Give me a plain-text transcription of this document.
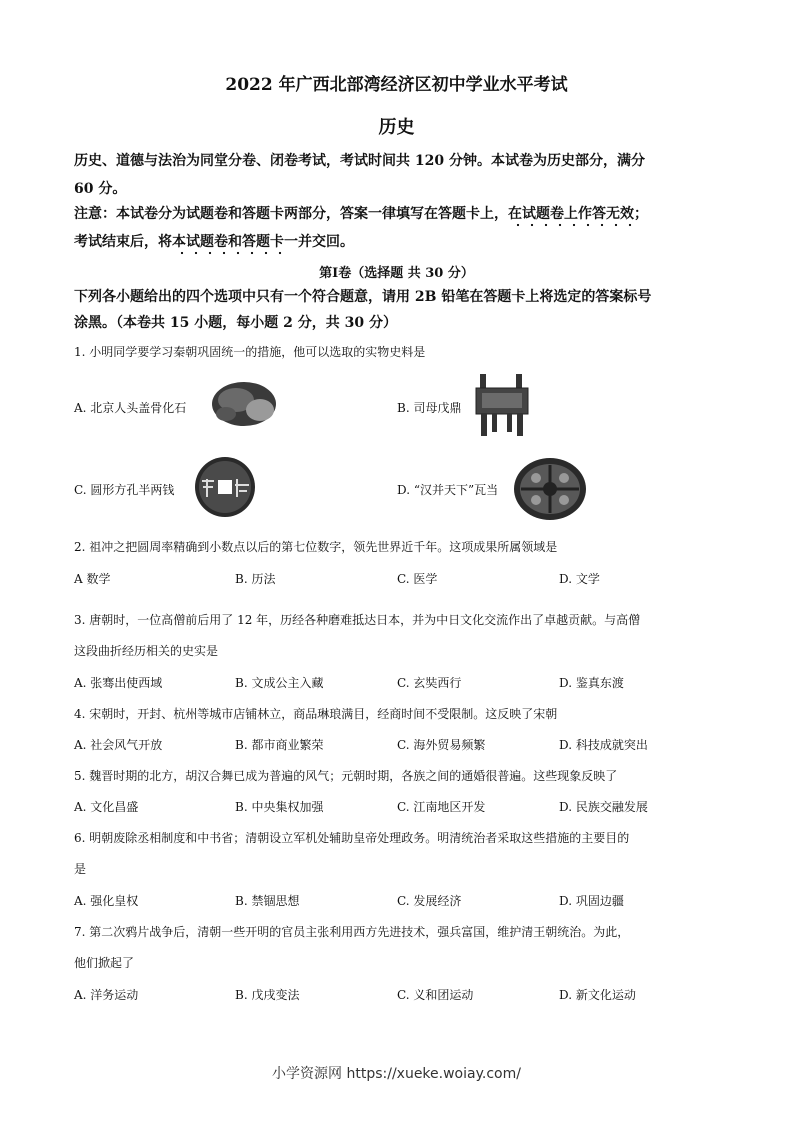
2022 年广西北部湾经济区初中学业水平考试
历史
历史、道德与法治为同堂分卷、闭卷考试，考试时间共 120 分钟。本试卷为历史部分，满分
60 分。
注意：本试卷分为试题卷和答题卡两部分，答案一律填写在答题卡上，在试题卷上作答无效；
考试结束后，将本试题卷和答题卡一并交回。
第Ⅰ卷（选择题 共 30 分）
下列各小题给出的四个选项中只有一个符合题意，请用 2B 铅笔在答题卡上将选定的答案标号
涂黑。（本卷共 15 小题，每小题 2 分，共 30 分）
1. 小明同学要学习秦朝巩固统一的措施，他可以选取的实物史料是
A. 北京人头盖骨化石	B. 司母戊鼎
C. 圆形方孔半两钱	D. “汉并天下”瓦当
2. 祖冲之把圆周率精确到小数点以后的第七位数字，领先世界近千年。这项成果所属领域是
A 数学	B. 历法	C. 医学	D. 文学
3. 唐朝时，一位高僧前后用了 12 年，历经各种磨难抵达日本，并为中日文化交流作出了卓越贡献。与高僧
这段曲折经历相关的史实是
A. 张骞出使西域	B. 文成公主入藏	C. 玄奘西行	D. 鉴真东渡
4. 宋朝时，开封、杭州等城市店铺林立，商品琳琅满目，经商时间不受限制。这反映了宋朝
A. 社会风气开放	B. 都市商业繁荣	C. 海外贸易频繁	D. 科技成就突出
5. 魏晋时期的北方，胡汉合舞已成为普遍的风气；元朝时期，各族之间的通婚很普遍。这些现象反映了
A. 文化昌盛	B. 中央集权加强	C. 江南地区开发	D. 民族交融发展
6. 明朝废除丞相制度和中书省；清朝设立军机处辅助皇帝处理政务。明清统治者采取这些措施的主要目的
是
A. 强化皇权	B. 禁锢思想	C. 发展经济	D. 巩固边疆
7. 第二次鸦片战争后，清朝一些开明的官员主张利用西方先进技术，强兵富国，维护清王朝统治。为此，
他们掀起了
A. 洋务运动	B. 戊戌变法	C. 义和团运动	D. 新文化运动
小学资源网 https://xueke.woiay.com/
